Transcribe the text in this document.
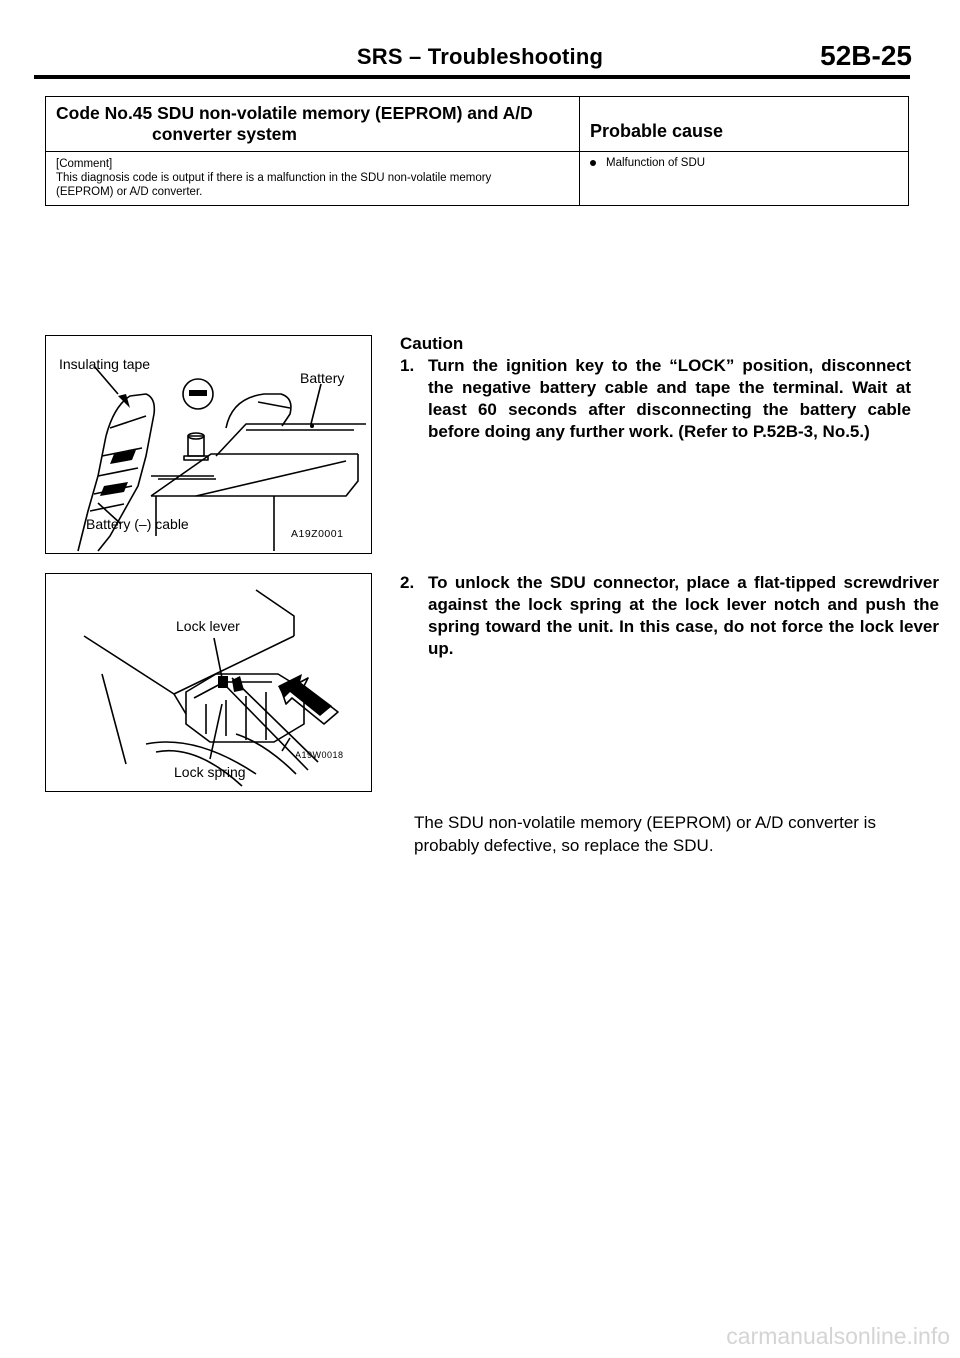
SRS – Troubleshooting	52B-25
Code No.45 SDU non-volatile memory (EEPROM) and A/D
converter system	Probable cause

[Comment]
This diagnosis code is output if there is a malfunction in the SDU non-volatile memory
(EEPROM) or A/D converter.	Malfunction of SDU
Insulating tape
Battery
Battery (–) cable
A19Z0001
Lock lever
Lock spring
A19W0018
Caution
1. Turn the ignition key to the “LOCK” position, disconnect the negative battery cable and tape the terminal. Wait at least 60 seconds after disconnecting the battery cable before doing any further work. (Refer to P.52B-3, No.5.)
2. To unlock the SDU connector, place a flat-tipped screwdriver against the lock spring at the lock lever notch and push the spring toward the unit. In this case, do not force the lock lever up.
The SDU non-volatile memory (EEPROM) or A/D converter is probably defective, so replace the SDU.
carmanualsonline.info
